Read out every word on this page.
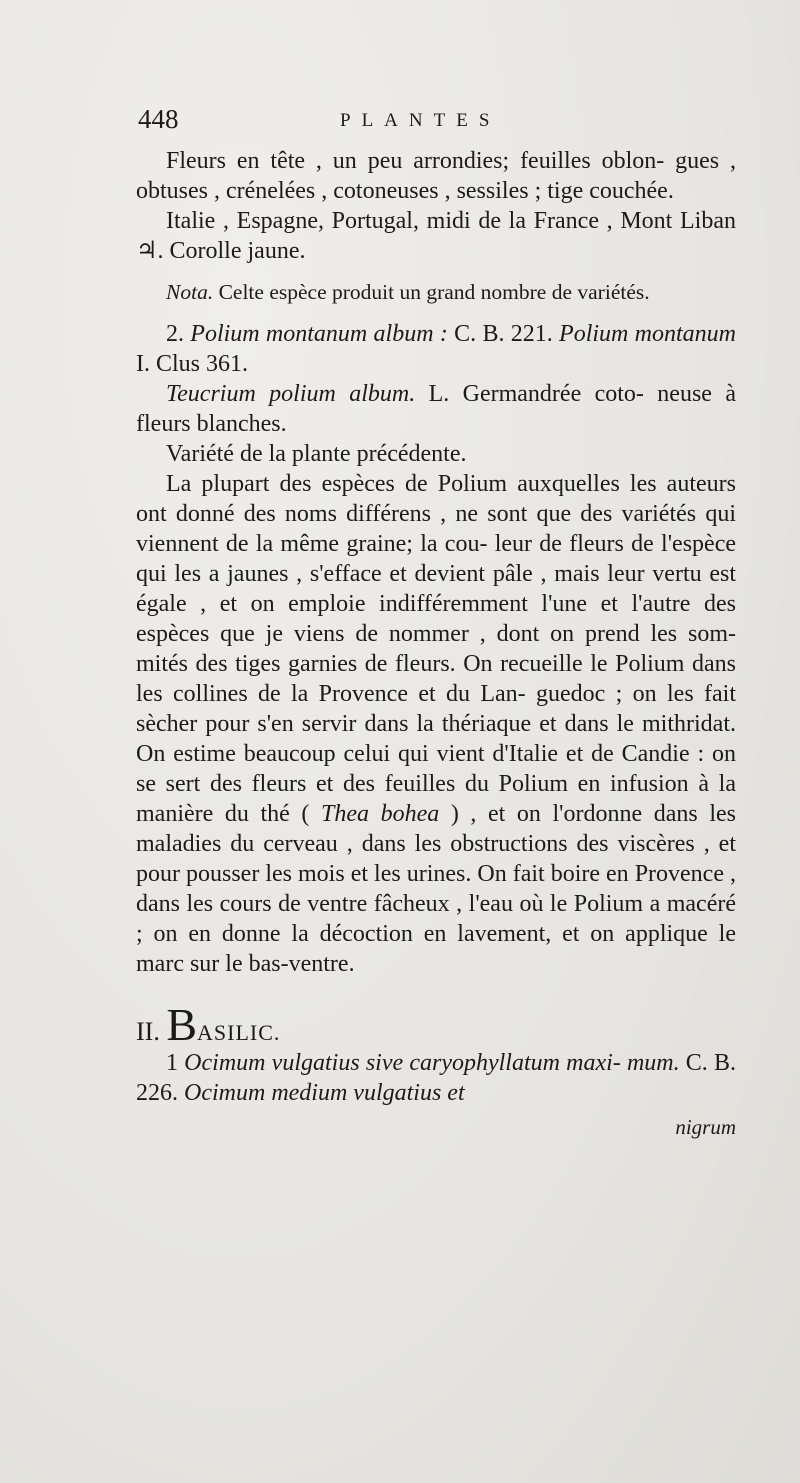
448	PLANTES

Fleurs en tête , un peu arrondies; feuilles oblon- gues , obtuses , crénelées , cotoneuses , sessiles ; tige couchée.

Italie , Espagne, Portugal, midi de la France , Mont Liban ♃. Corolle jaune.

Nota. Celte espèce produit un grand nombre de variétés.

2. Polium montanum album : C. B. 221. Polium montanum I. Clus 361.

Teucrium polium album. L. Germandrée coto- neuse à fleurs blanches.

Variété de la plante précédente.

La plupart des espèces de Polium auxquelles les auteurs ont donné des noms différens , ne sont que des variétés qui viennent de la même graine; la cou- leur de fleurs de l'espèce qui les a jaunes , s'efface et devient pâle , mais leur vertu est égale , et on emploie indifféremment l'une et l'autre des espèces que je viens de nommer , dont on prend les som- mités des tiges garnies de fleurs. On recueille le Polium dans les collines de la Provence et du Lan- guedoc ; on les fait sècher pour s'en servir dans la thériaque et dans le mithridat. On estime beaucoup celui qui vient d'Italie et de Candie : on se sert des fleurs et des feuilles du Polium en infusion à la manière du thé ( Thea bohea ) , et on l'ordonne dans les maladies du cerveau , dans les obstructions des viscères , et pour pousser les mois et les urines. On fait boire en Provence , dans les cours de ventre fâcheux , l'eau où le Polium a macéré ; on en donne la décoction en lavement, et on applique le marc sur le bas-ventre.

II. BASILIC.

1 Ocimum vulgatius sive caryophyllatum maxi- mum. C. B. 226. Ocimum medium vulgatius et

nigrum
